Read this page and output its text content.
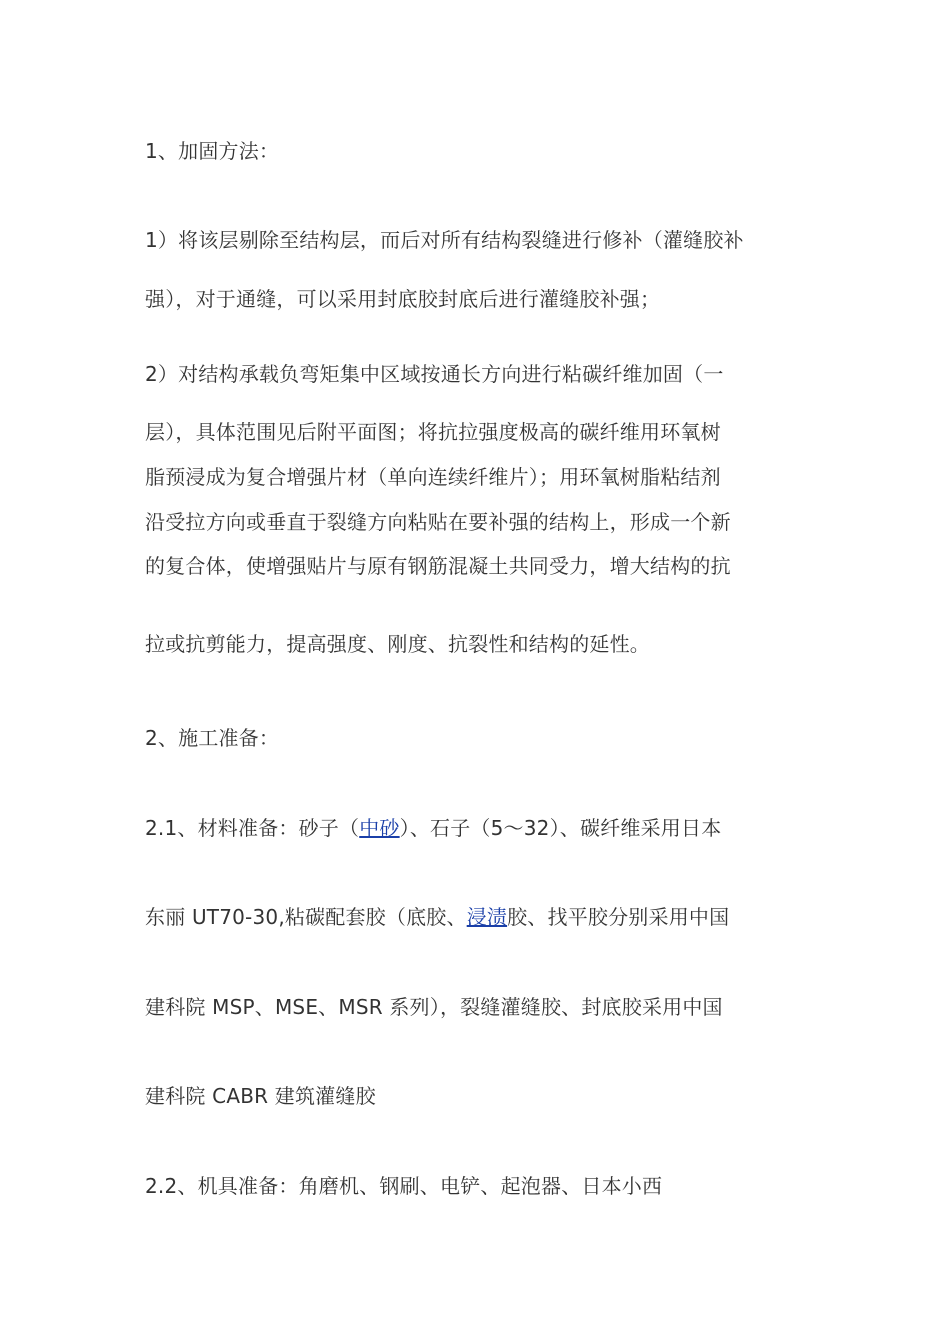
1、加固方法：
1）将该层剔除至结构层，而后对所有结构裂缝进行修补（灌缝胶补
强），对于通缝，可以采用封底胶封底后进行灌缝胶补强；
2）对结构承载负弯矩集中区域按通长方向进行粘碳纤维加固（一
层），具体范围见后附平面图；将抗拉强度极高的碳纤维用环氧树
脂预浸成为复合增强片材（单向连续纤维片）；用环氧树脂粘结剂
沿受拉方向或垂直于裂缝方向粘贴在要补强的结构上，形成一个新
的复合体，使增强贴片与原有钢筋混凝土共同受力，增大结构的抗
拉或抗剪能力，提高强度、刚度、抗裂性和结构的延性。
2、施工准备：
2.1、材料准备：砂子（中砂）、石子（5～32）、碳纤维采用日本
东丽 UT70-30,粘碳配套胶（底胶、浸渍胶、找平胶分别采用中国
建科院 MSP、MSE、MSR 系列），裂缝灌缝胶、封底胶采用中国
建科院 CABR 建筑灌缝胶
2.2、机具准备：角磨机、钢刷、电铲、起泡器、日本小西
